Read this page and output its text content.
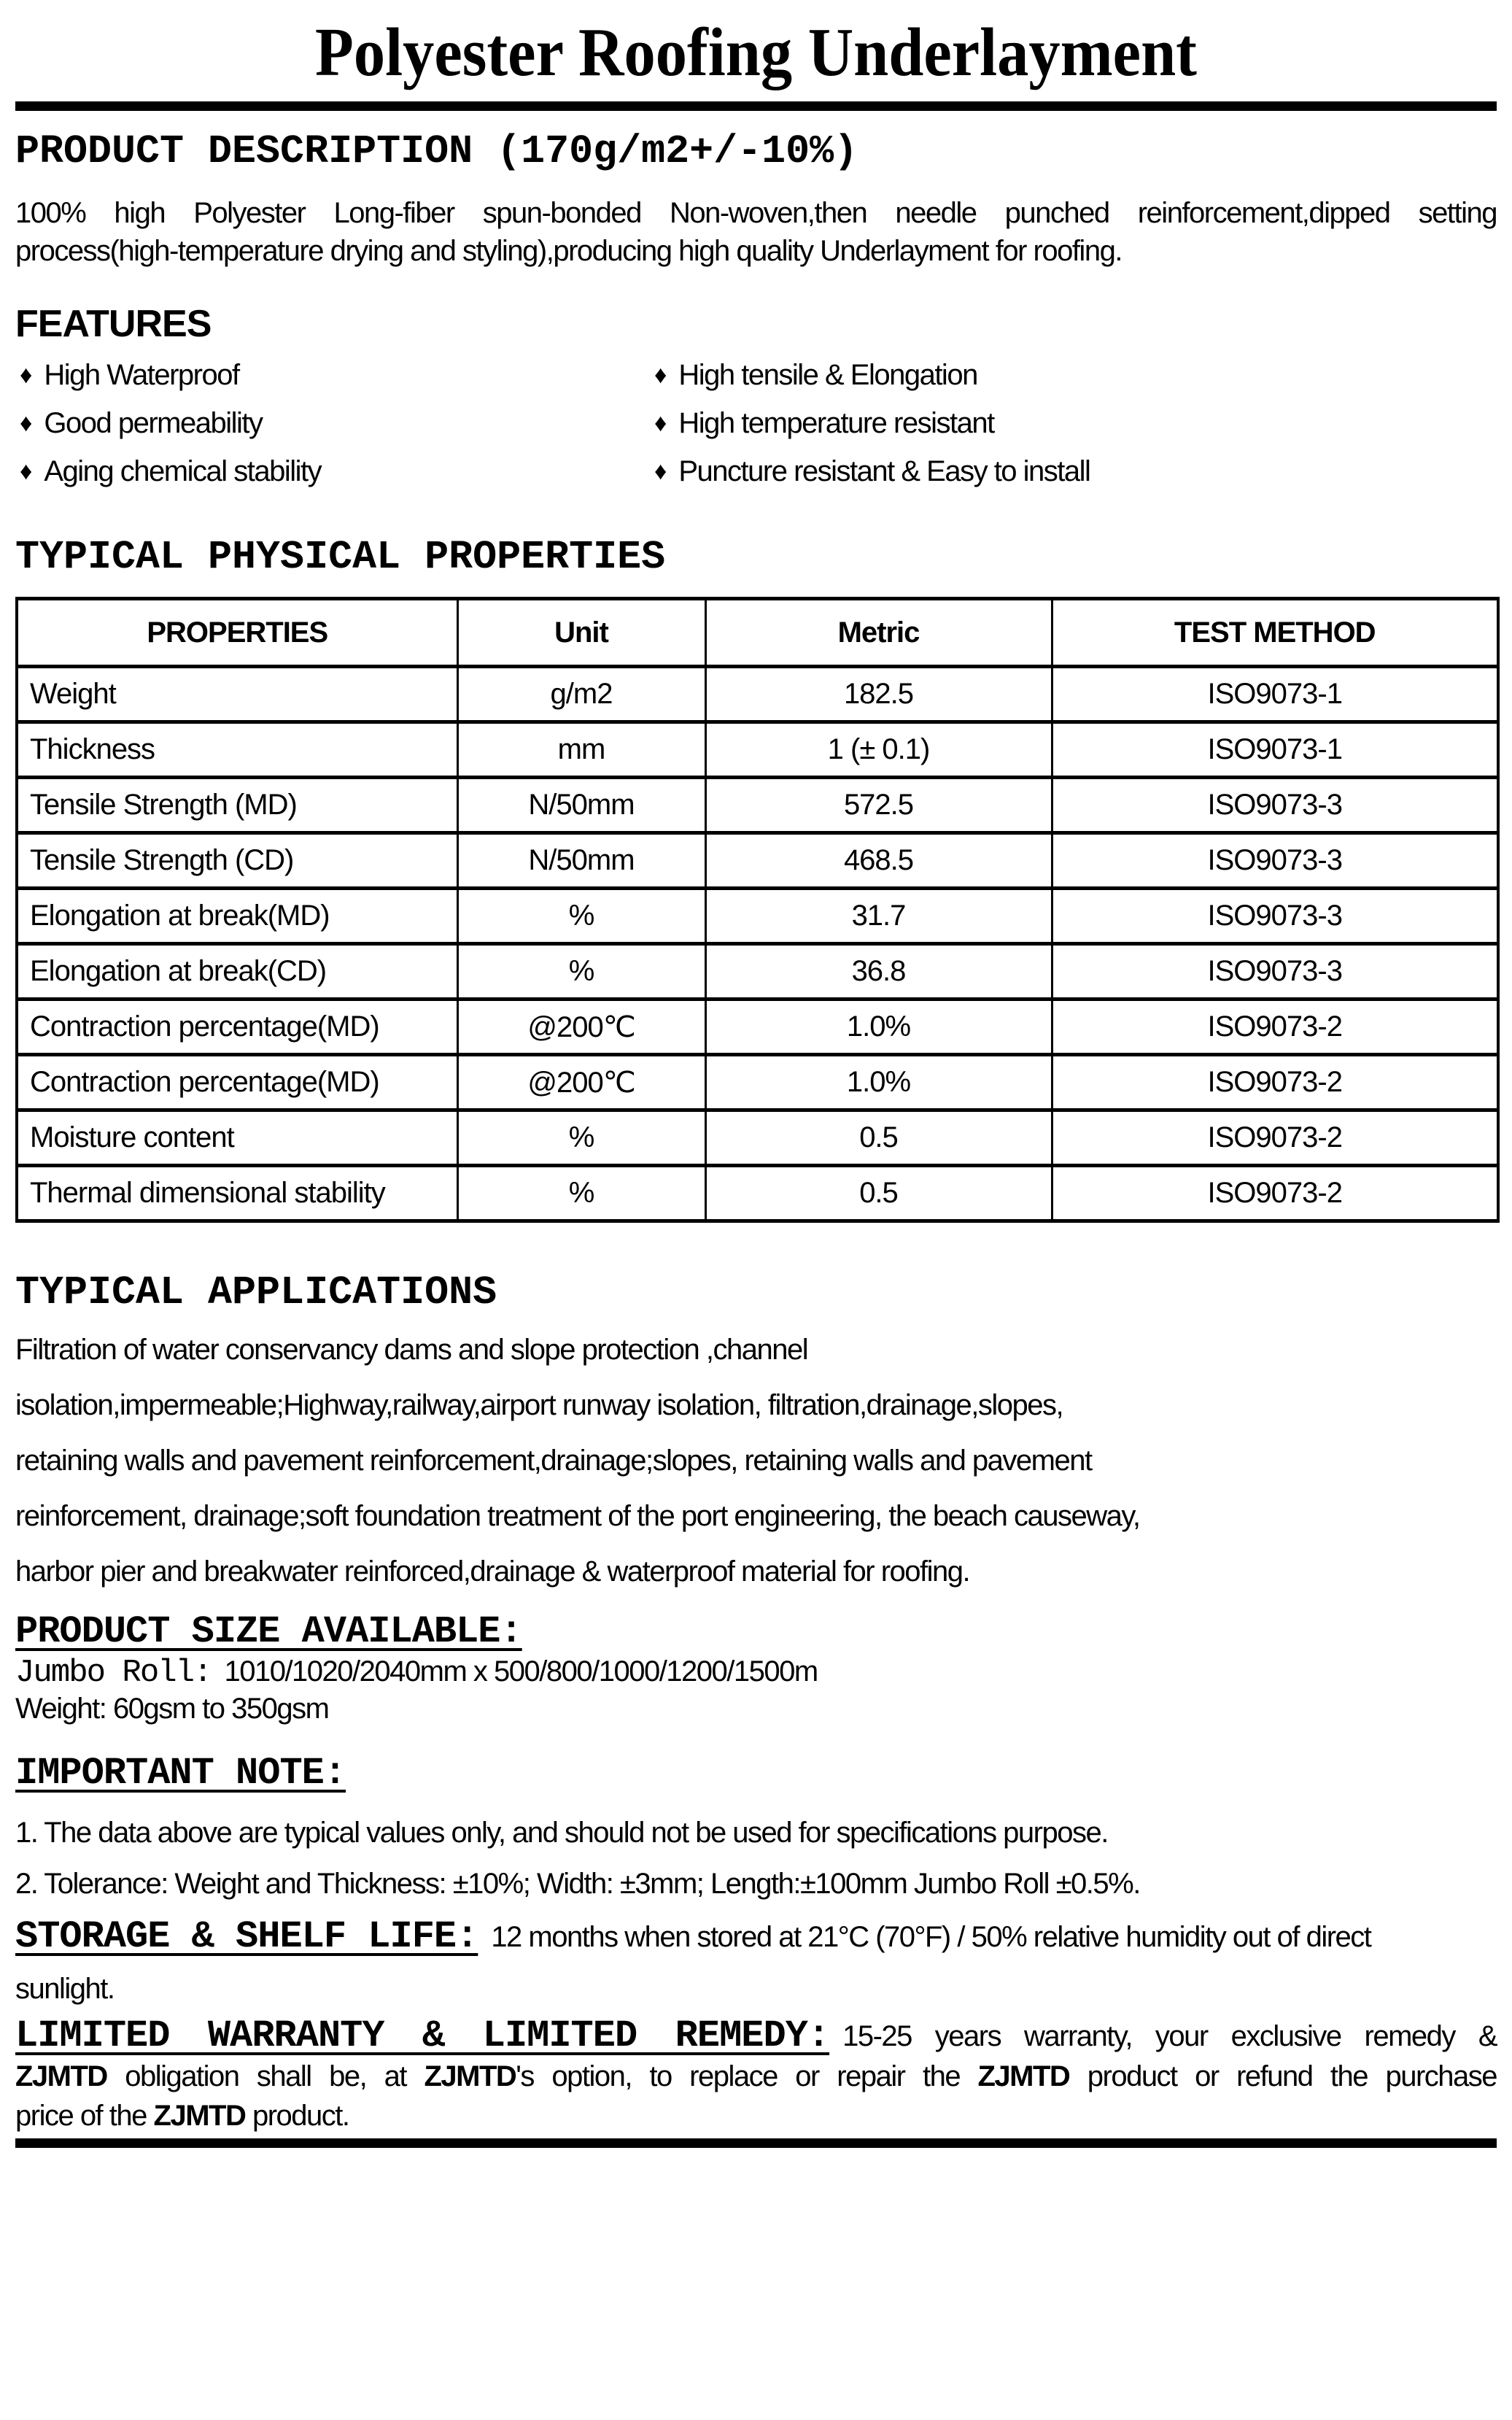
Polyester Roofing Underlayment
PRODUCT DESCRIPTION (170g/m2+/-10%)
100% high Polyester Long-fiber spun-bonded Non-woven,then needle punched reinforcement,dipped setting
process(high-temperature drying and styling),producing high quality Underlayment for roofing.
FEATURES
♦ High Waterproof
♦ Good permeability
♦ Aging chemical stability
♦ High tensile & Elongation
♦ High temperature resistant
♦ Puncture resistant & Easy to install
TYPICAL PHYSICAL PROPERTIES
PROPERTIES	Unit	Metric	TEST METHOD
Weight	g/m2	182.5	ISO9073-1
Thickness	mm	1 (± 0.1)	ISO9073-1
Tensile Strength (MD)	N/50mm	572.5	ISO9073-3
Tensile Strength (CD)	N/50mm	468.5	ISO9073-3
Elongation at break(MD)	%	31.7	ISO9073-3
Elongation at break(CD)	%	36.8	ISO9073-3
Contraction percentage(MD)	@200℃	1.0%	ISO9073-2
Contraction percentage(MD)	@200℃	1.0%	ISO9073-2
Moisture content	%	0.5	ISO9073-2
Thermal dimensional stability	%	0.5	ISO9073-2
TYPICAL APPLICATIONS
Filtration of water conservancy dams and slope protection ,channel
isolation,impermeable;Highway,railway,airport runway isolation, filtration,drainage,slopes,
retaining walls and pavement reinforcement,drainage;slopes, retaining walls and pavement
reinforcement, drainage;soft foundation treatment of the port engineering, the beach causeway,
harbor pier and breakwater reinforced,drainage & waterproof material for roofing.
PRODUCT SIZE AVAILABLE:
Jumbo Roll: 1010/1020/2040mm x 500/800/1000/1200/1500m
Weight: 60gsm to 350gsm
IMPORTANT NOTE:
1. The data above are typical values only, and should not be used for specifications purpose.
2. Tolerance: Weight and Thickness: ±10%; Width: ±3mm; Length:±100mm Jumbo Roll ±0.5%.
STORAGE & SHELF LIFE: 12 months when stored at 21°C (70°F) / 50% relative humidity out of direct
sunlight.
LIMITED WARRANTY & LIMITED REMEDY: 15-25 years warranty, your exclusive remedy &
ZJMTD obligation shall be, at ZJMTD's option, to replace or repair the ZJMTD product or refund the purchase
price of the ZJMTD product.
